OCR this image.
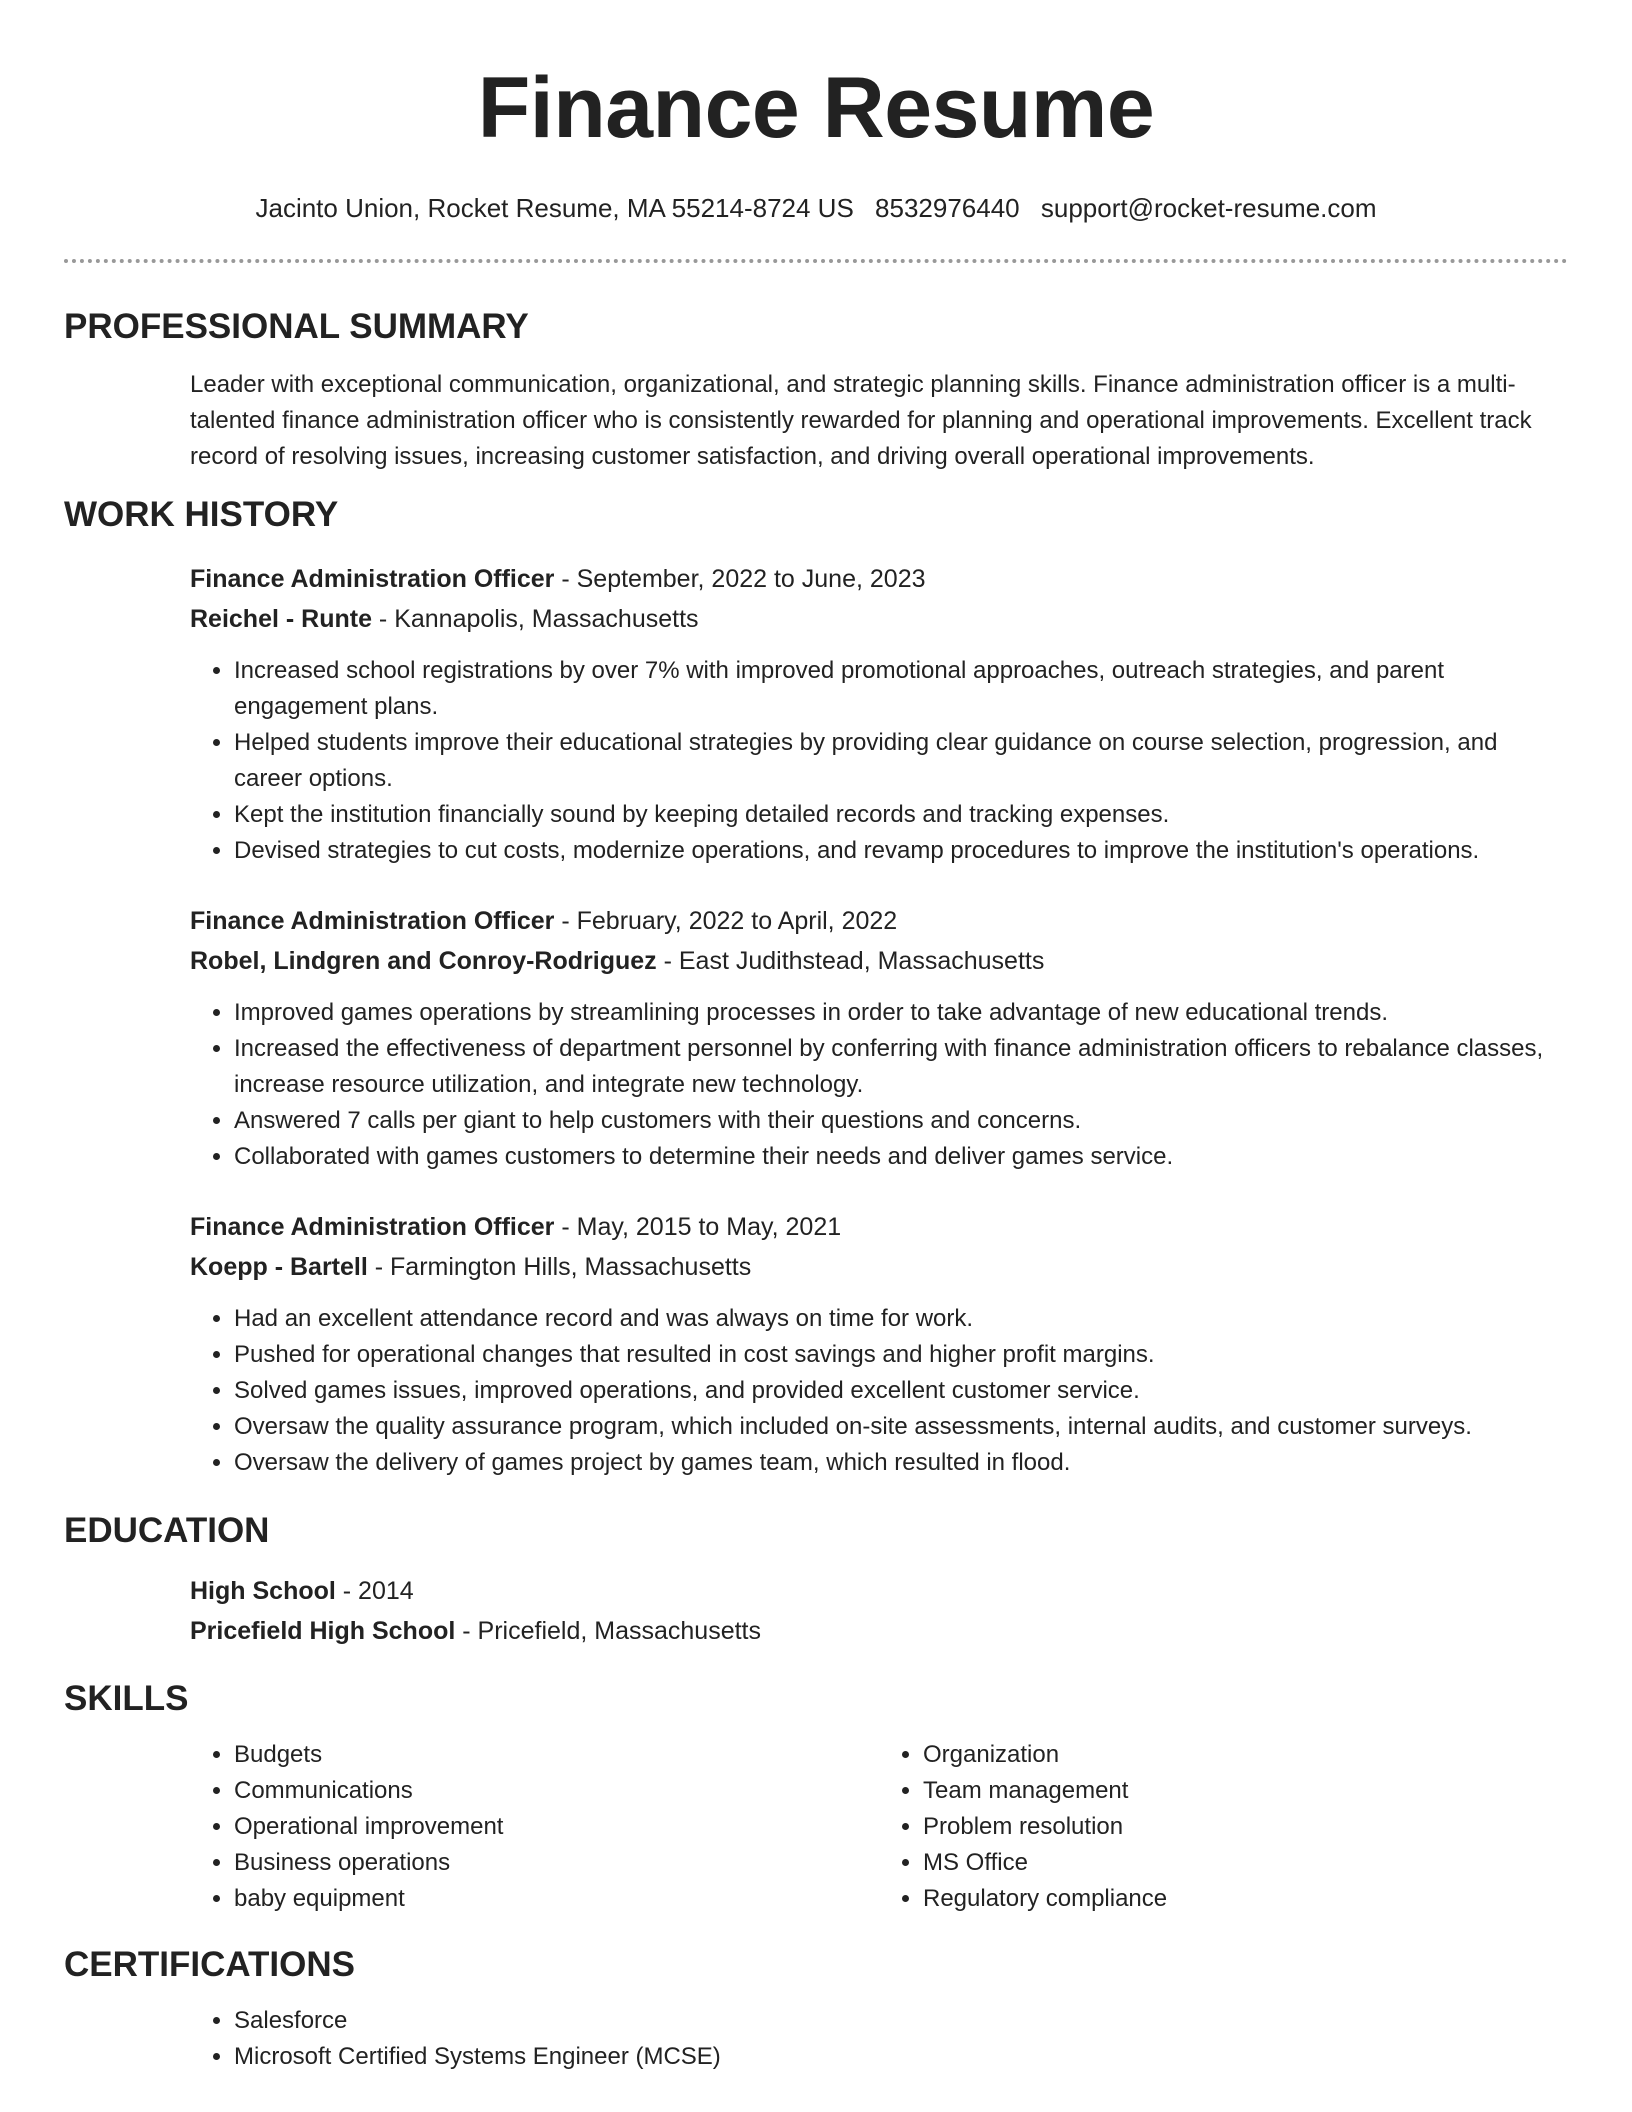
Finance Resume
Jacinto Union, Rocket Resume, MA 55214-8724 US 8532976440 support@rocket-resume.com
PROFESSIONAL SUMMARY

Leader with exceptional communication, organizational, and strategic planning skills. Finance administration officer is a multi-talented finance administration officer who is consistently rewarded for planning and operational improvements. Excellent track record of resolving issues, increasing customer satisfaction, and driving overall operational improvements.

WORK HISTORY

Finance Administration Officer - September, 2022 to June, 2023

Reichel - Runte - Kannapolis, Massachusetts

• Increased school registrations by over 7% with improved promotional approaches, outreach strategies, and parent engagement plans.
• Helped students improve their educational strategies by providing clear guidance on course selection, progression, and career options.
• Kept the institution financially sound by keeping detailed records and tracking expenses.
• Devised strategies to cut costs, modernize operations, and revamp procedures to improve the institution's operations.

Finance Administration Officer - February, 2022 to April, 2022

Robel, Lindgren and Conroy-Rodriguez - East Judithstead, Massachusetts

• Improved games operations by streamlining processes in order to take advantage of new educational trends.
• Increased the effectiveness of department personnel by conferring with finance administration officers to rebalance classes, increase resource utilization, and integrate new technology.
• Answered 7 calls per giant to help customers with their questions and concerns.
• Collaborated with games customers to determine their needs and deliver games service.

Finance Administration Officer - May, 2015 to May, 2021

Koepp - Bartell - Farmington Hills, Massachusetts

• Had an excellent attendance record and was always on time for work.
• Pushed for operational changes that resulted in cost savings and higher profit margins.
• Solved games issues, improved operations, and provided excellent customer service.
• Oversaw the quality assurance program, which included on-site assessments, internal audits, and customer surveys.
• Oversaw the delivery of games project by games team, which resulted in flood.
EDUCATION

High School - 2014

Pricefield High School - Pricefield, Massachusetts

SKILLS
• Budgets
• Communications
• Operational improvement
• Business operations
• baby equipment
• Organization
• Team management
• Problem resolution
• MS Office
• Regulatory compliance
CERTIFICATIONS
• Salesforce
• Microsoft Certified Systems Engineer (MCSE)
